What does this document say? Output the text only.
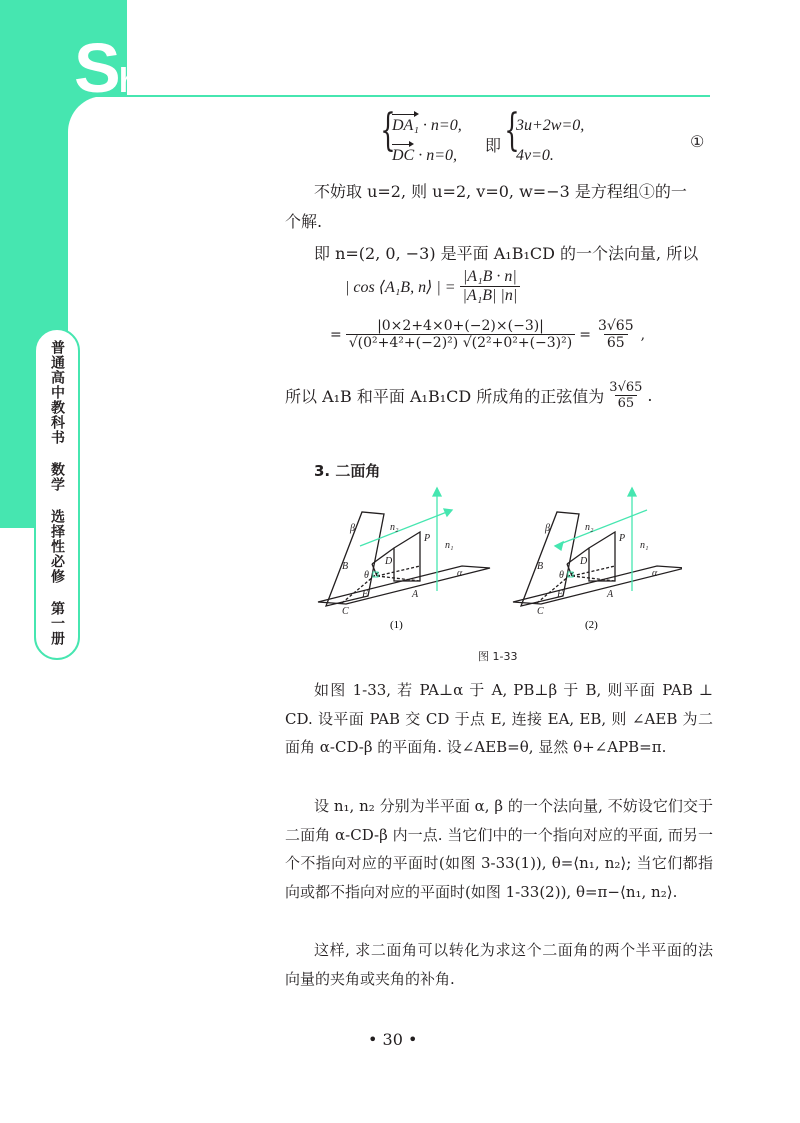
Shuxue
普通高中教科书 数学 选择性必修 第一册
{
DA₁ · n=0,
DC · n=0,
即 {
3u+2w=0,
4v=0.
①
不妨取 u=2, 则 u=2, v=0, w=−3 是方程组①的一
个解.
即 n=(2, 0, −3) 是平面 A₁B₁CD 的一个法向量, 所以
| cos ⟨A₁B, n⟩ | = $\frac{\text{|A₁B · n|}}{\text{|A₁B| |n|}}$
= $\frac{|0\times 2+4\times 0+(-2)\times(-3)|}{\text{√(0²+4²+(−2)²) √(2²+0²+(−3)²)}} = \frac{3√65}{65}$ ,
所以 A₁B 和平面 A₁B₁CD 所成角的正弦值为 $\frac{3√65}{65}$ .
3. 二面角
β	n₂
P
n₁
B	D
θ	α
E	A
C
(1)
β	n₂
P
n₁
B	D
θ	α
E	A
C
(2)
图 1-33
如图 1-33, 若 PA⊥α 于 A, PB⊥β 于 B, 则平面 PAB ⊥ CD. 设平面 PAB 交 CD 于点 E, 连接 EA, EB, 则 ∠AEB 为二面角 α-CD-β 的平面角. 设∠AEB=θ, 显然 θ+∠APB=π.
设 n₁, n₂ 分别为半平面 α, β 的一个法向量, 不妨设它们交于二面角 α-CD-β 内一点. 当它们中的一个指向对应的平面, 而另一个不指向对应的平面时(如图 3-33(1)), θ=⟨n₁, n₂⟩; 当它们都指向或都不指向对应的平面时(如图 1-33(2)), θ=π−⟨n₁, n₂⟩.
这样, 求二面角可以转化为求这个二面角的两个半平面的法向量的夹角或夹角的补角.
• 30 •
